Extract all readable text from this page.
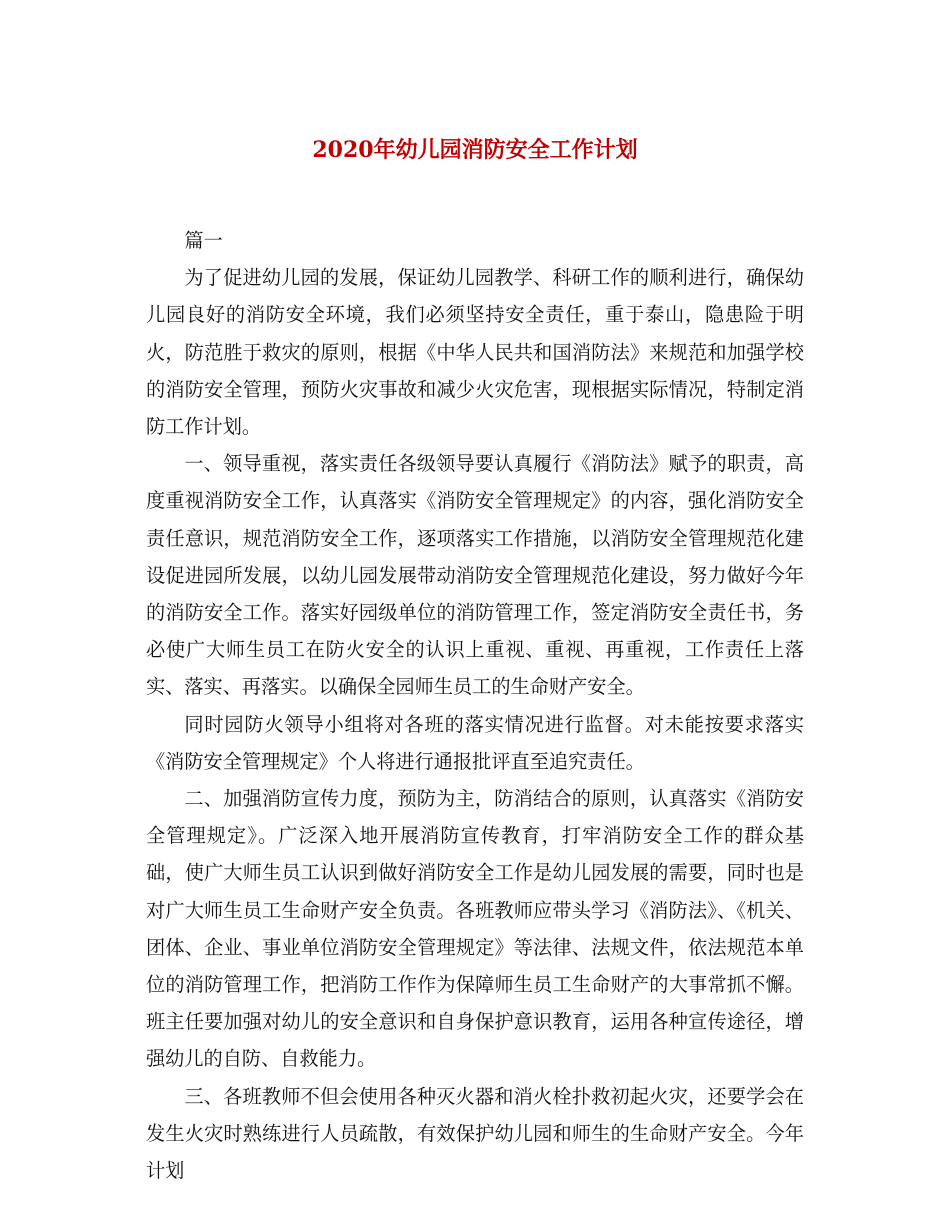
2020年幼儿园消防安全工作计划

篇一

为了促进幼儿园的发展，保证幼儿园教学、科研工作的顺利进行，确保幼儿园良好的消防安全环境，我们必须坚持安全责任，重于泰山，隐患险于明火，防范胜于救灾的原则，根据《中华人民共和国消防法》来规范和加强学校的消防安全管理，预防火灾事故和减少火灾危害，现根据实际情况，特制定消防工作计划。

一、领导重视，落实责任各级领导要认真履行《消防法》赋予的职责，高度重视消防安全工作，认真落实《消防安全管理规定》的内容，强化消防安全责任意识，规范消防安全工作，逐项落实工作措施，以消防安全管理规范化建设促进园所发展，以幼儿园发展带动消防安全管理规范化建设，努力做好今年的消防安全工作。落实好园级单位的消防管理工作，签定消防安全责任书，务必使广大师生员工在防火安全的认识上重视、重视、再重视，工作责任上落实、落实、再落实。以确保全园师生员工的生命财产安全。

同时园防火领导小组将对各班的落实情况进行监督。对未能按要求落实《消防安全管理规定》个人将进行通报批评直至追究责任。

二、加强消防宣传力度，预防为主，防消结合的原则，认真落实《消防安全管理规定》。广泛深入地开展消防宣传教育，打牢消防安全工作的群众基础，使广大师生员工认识到做好消防安全工作是幼儿园发展的需要，同时也是对广大师生员工生命财产安全负责。各班教师应带头学习《消防法》、《机关、团体、企业、事业单位消防安全管理规定》等法律、法规文件，依法规范本单位的消防管理工作，把消防工作作为保障师生员工生命财产的大事常抓不懈。班主任要加强对幼儿的安全意识和自身保护意识教育，运用各种宣传途径，增强幼儿的自防、自救能力。

三、各班教师不但会使用各种灭火器和消火栓扑救初起火灾，还要学会在发生火灾时熟练进行人员疏散，有效保护幼儿园和师生的生命财产安全。今年计划
